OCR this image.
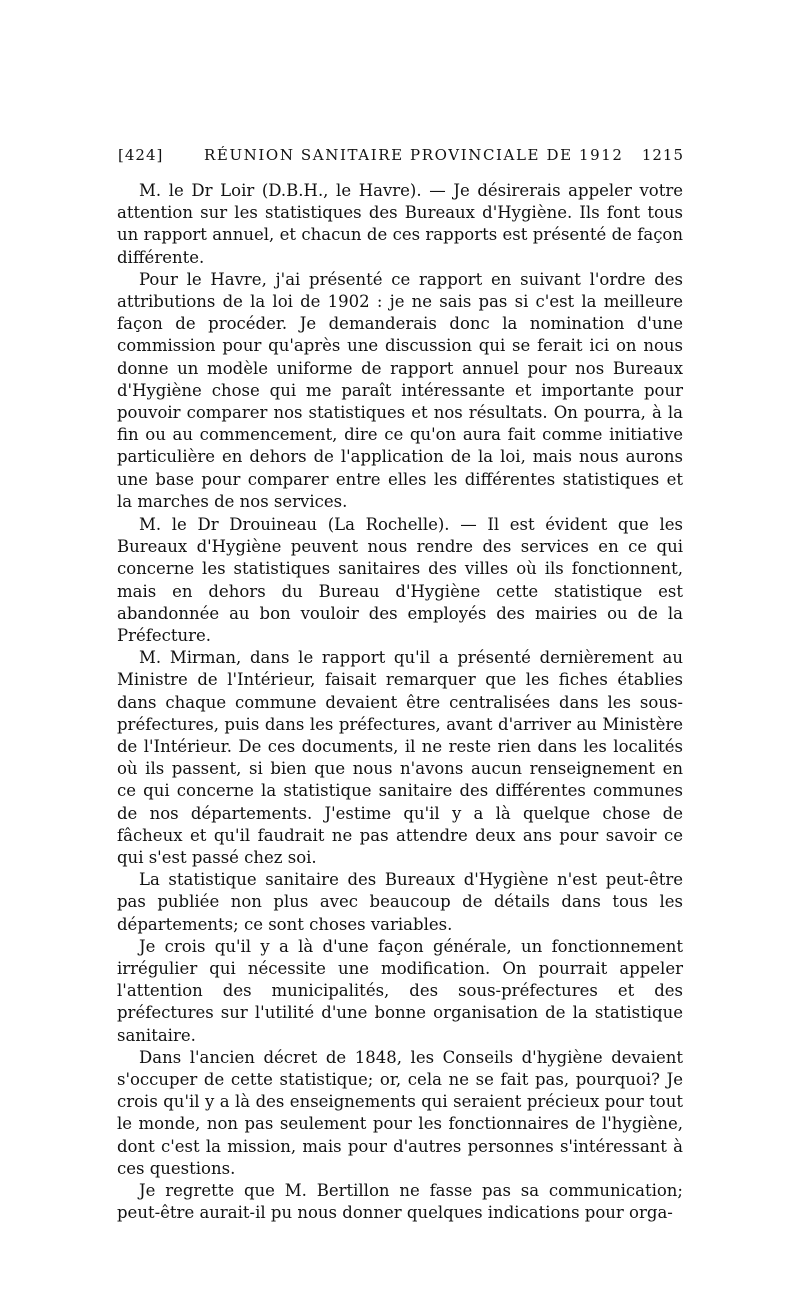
[424]	RÉUNION SANITAIRE PROVINCIALE DE 1912 1215

M. le Dr Loir (D.B.H., le Havre). — Je désirerais appeler votre attention sur les statistiques des Bureaux d'Hygiène. Ils font tous un rapport annuel, et chacun de ces rapports est présenté de façon différente.

Pour le Havre, j'ai présenté ce rapport en suivant l'ordre des attributions de la loi de 1902 : je ne sais pas si c'est la meilleure façon de procéder. Je demanderais donc la nomination d'une commission pour qu'après une discussion qui se ferait ici on nous donne un modèle uniforme de rapport annuel pour nos Bureaux d'Hygiène chose qui me paraît intéressante et importante pour pouvoir comparer nos statistiques et nos résultats. On pourra, à la fin ou au commencement, dire ce qu'on aura fait comme initiative particulière en dehors de l'application de la loi, mais nous aurons une base pour comparer entre elles les différentes statistiques et la marches de nos services.

M. le Dr Drouineau (La Rochelle). — Il est évident que les Bureaux d'Hygiène peuvent nous rendre des services en ce qui concerne les statistiques sanitaires des villes où ils fonctionnent, mais en dehors du Bureau d'Hygiène cette statistique est abandonnée au bon vouloir des employés des mairies ou de la Préfecture.

M. Mirman, dans le rapport qu'il a présenté dernièrement au Ministre de l'Intérieur, faisait remarquer que les fiches établies dans chaque commune devaient être centralisées dans les sous-préfectures, puis dans les préfectures, avant d'arriver au Ministère de l'Intérieur. De ces documents, il ne reste rien dans les localités où ils passent, si bien que nous n'avons aucun renseignement en ce qui concerne la statistique sanitaire des différentes communes de nos départements. J'estime qu'il y a là quelque chose de fâcheux et qu'il faudrait ne pas attendre deux ans pour savoir ce qui s'est passé chez soi.

La statistique sanitaire des Bureaux d'Hygiène n'est peut-être pas publiée non plus avec beaucoup de détails dans tous les départements; ce sont choses variables.

Je crois qu'il y a là d'une façon générale, un fonctionnement irrégulier qui nécessite une modification. On pourrait appeler l'attention des municipalités, des sous-préfectures et des préfectures sur l'utilité d'une bonne organisation de la statistique sanitaire.

Dans l'ancien décret de 1848, les Conseils d'hygiène devaient s'occuper de cette statistique; or, cela ne se fait pas, pourquoi? Je crois qu'il y a là des enseignements qui seraient précieux pour tout le monde, non pas seulement pour les fonctionnaires de l'hygiène, dont c'est la mission, mais pour d'autres personnes s'intéressant à ces questions.

Je regrette que M. Bertillon ne fasse pas sa communication; peut-être aurait-il pu nous donner quelques indications pour orga-
